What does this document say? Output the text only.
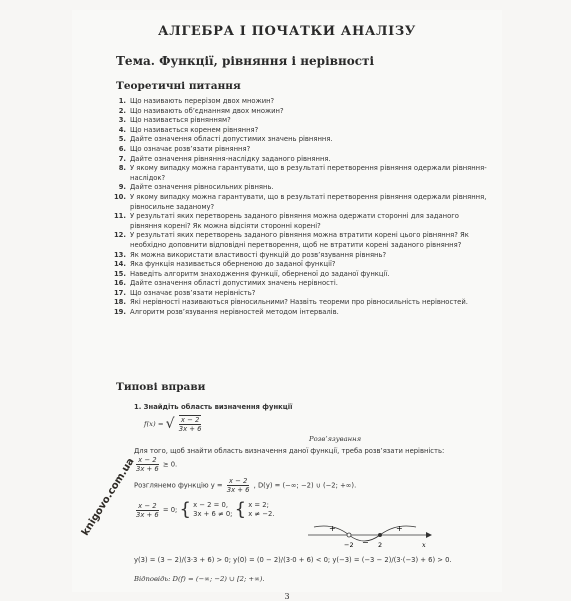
АЛГЕБРА І ПОЧАТКИ АНАЛІЗУ
Тема. Функції, рівняння і нерівності
Теоретичні питання
1. Що називають перерізом двох множин?
2. Що називають об’єднанням двох множин?
3. Що називається рівнянням?
4. Що називається коренем рівняння?
5. Дайте означення області допустимих значень рівняння.
6. Що означає розв’язати рівняння?
7. Дайте означення рівняння-наслідку заданого рівняння.
8. У якому випадку можна гарантувати, що в результаті перетворення рівняння одержали рівняння-наслідок?
9. Дайте означення рівносильних рівнянь.
10. У якому випадку можна гарантувати, що в результаті перетворення рівняння одержали рівняння, рівносильне заданому?
11. У результаті яких перетворень заданого рівняння можна одержати сторонні для заданого рівняння корені? Як можна відсіяти сторонні корені?
12. У результаті яких перетворень заданого рівняння можна втратити корені цього рівняння? Як необхідно доповнити відповідні перетворення, щоб не втратити корені заданого рівняння?
13. Як можна використати властивості функцій до розв’язування рівнянь?
14. Яка функція називається оберненою до заданої функції?
15. Наведіть алгоритм знаходження функції, оберненої до заданої функції.
16. Дайте означення області допустимих значень нерівності.
17. Що означає розв’язати нерівність?
18. Які нерівності називаються рівносильними? Назвіть теореми про рівносильність нерівностей.
19. Алгоритм розв’язування нерівностей методом інтервалів.
Типові вправи
1. Знайдіть область визначення функції
f(x) = √ $\frac{x - 2}{3x + 6}$
Розв’язування
Для того, щоб знайти область визначення даної функції, треба розв’язати нерівність:
$\frac{x - 2}{3x + 6} \ge 0$.
Розглянемо функцію $y = \frac{x - 2}{3x + 6}$ , D(y) = (−∞; −2) ∪ (−2; +∞).
$\frac{x - 2}{3x + 6} = 0$; { x − 2 = 0,
3x + 6 ≠ 0; { x = 2;
x ≠ −2.
+
−
+
−2	2	x
y(3) = (3 − 2)/(3·3 + 6) > 0; y(0) = (0 − 2)/(3·0 + 6) < 0; y(−3) = (−3 − 2)/(3·(−3) + 6) > 0.
Відповідь: D(f) = (−∞; −2) ∪ [2; +∞).
3
knigovo.com.ua
